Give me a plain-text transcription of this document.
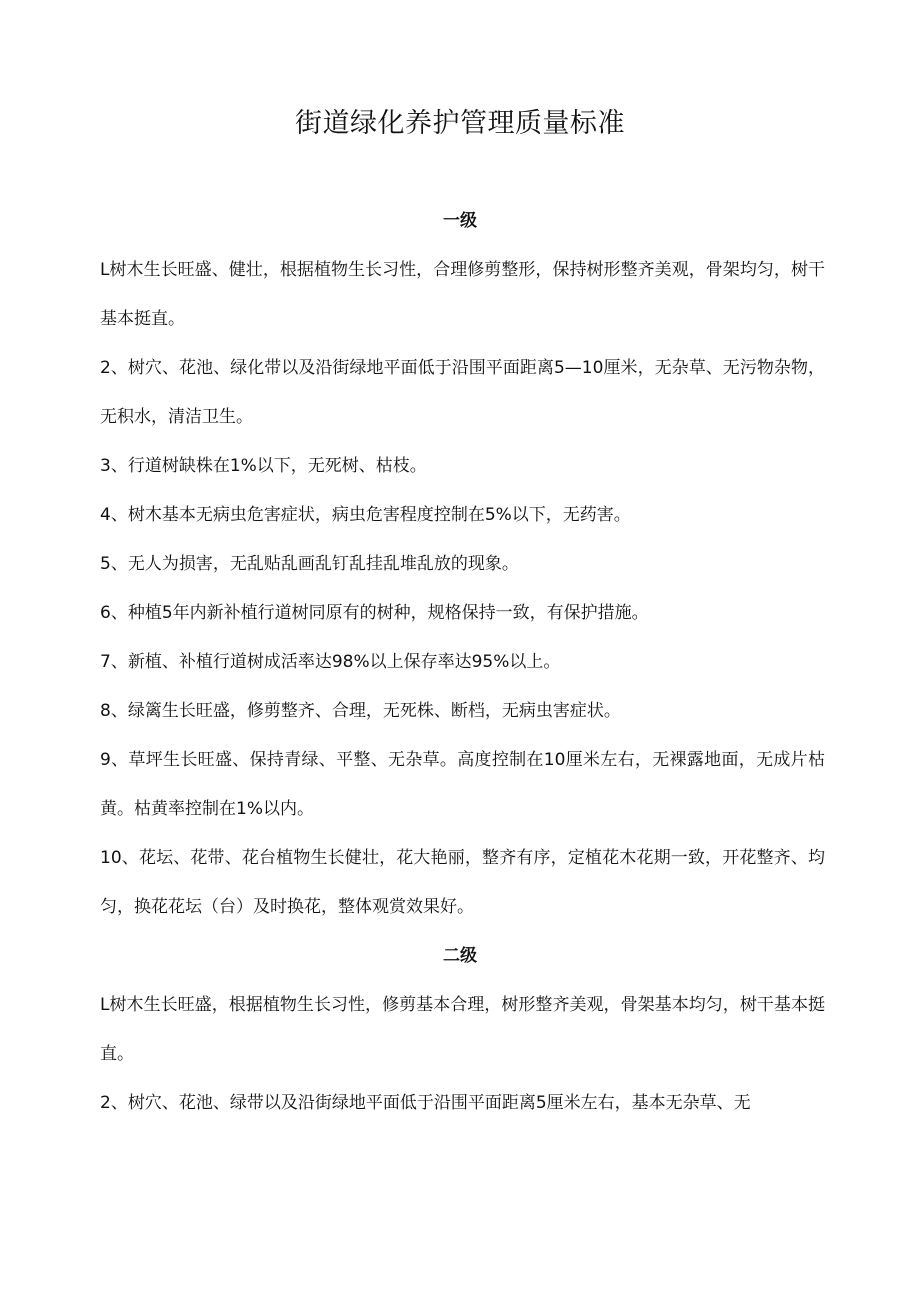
街道绿化养护管理质量标准
一级

L树木生长旺盛、健壮，根据植物生长习性，合理修剪整形，保持树形整齐美观，骨架均匀，树干基本挺直。

2、树穴、花池、绿化带以及沿街绿地平面低于沿围平面距离5—10厘米，无杂草、无污物杂物，无积水，清洁卫生。

3、行道树缺株在1%以下，无死树、枯枝。

4、树木基本无病虫危害症状，病虫危害程度控制在5%以下，无药害。

5、无人为损害，无乱贴乱画乱钉乱挂乱堆乱放的现象。

6、种植5年内新补植行道树同原有的树种，规格保持一致，有保护措施。

7、新植、补植行道树成活率达98%以上保存率达95%以上。

8、绿篱生长旺盛，修剪整齐、合理，无死株、断档，无病虫害症状。

9、草坪生长旺盛、保持青绿、平整、无杂草。高度控制在10厘米左右，无裸露地面，无成片枯黄。枯黄率控制在1%以内。

10、花坛、花带、花台植物生长健壮，花大艳丽，整齐有序，定植花木花期一致，开花整齐、均匀，换花花坛（台）及时换花，整体观赏效果好。

二级

L树木生长旺盛，根据植物生长习性，修剪基本合理，树形整齐美观，骨架基本均匀，树干基本挺直。

2、树穴、花池、绿带以及沿街绿地平面低于沿围平面距离5厘米左右，基本无杂草、无
